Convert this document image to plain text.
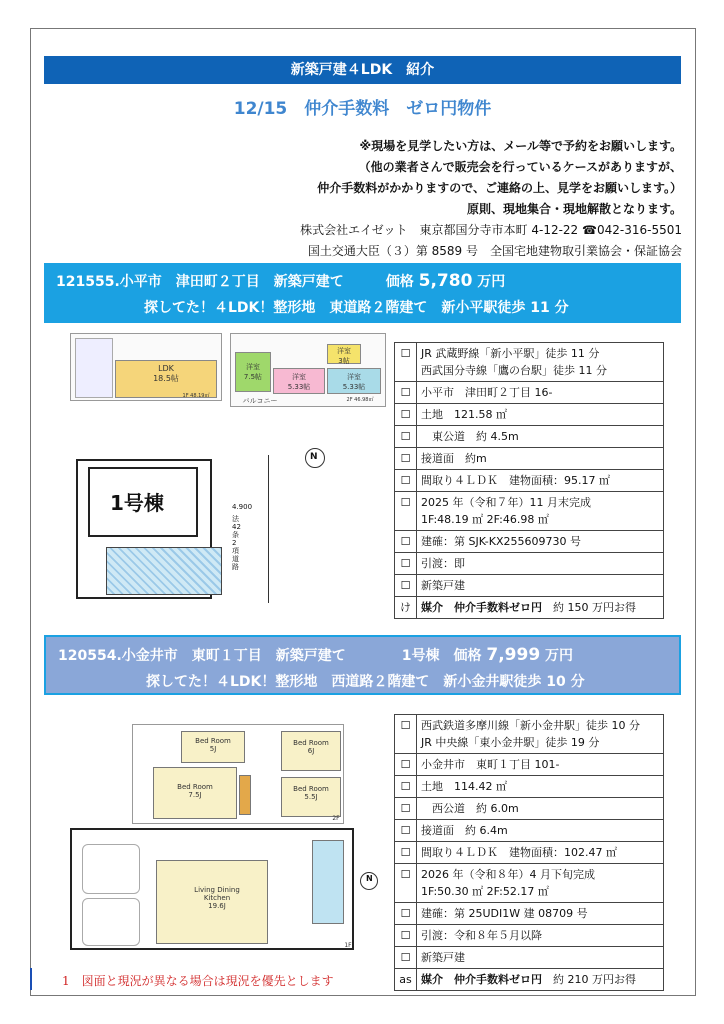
新築戸建４LDK　紹介
12/15　仲介手数料　ゼロ円物件
※現場を見学したい方は、メール等で予約をお願いします。
（他の業者さんで販売会を行っているケースがありますが、
仲介手数料がかかりますので、ご連絡の上、見学をお願いします。）
原則、現地集合・現地解散となります。
株式会社エイゼット　東京都国分寺市本町 4-12-22 ☎042-316-5501
国土交通大臣（３）第 8589 号　全国宅地建物取引業協会・保証協会
121555.小平市　津田町２丁目　新築戸建て　　　価格 5,780 万円
探してた！４LDK！整形地　東道路２階建て　新小平駅徒歩 11 分
LDK
18.5帖
1F 48.19㎡
洋室
7.5帖	洋室
5.33帖
洋室
3帖
洋室
5.33帖
バルコニー	2F 46.98㎡
1号棟	4.900
法42条2項道路
N
☐	JR 武蔵野線「新小平駅」徒歩 11 分
西武国分寺線「鷹の台駅」徒歩 11 分
☐	小平市　津田町２丁目 16-
☐	土地　121.58 ㎡
☐	　東公道　約 4.5m
☐	接道面　約m
☐	間取り４ＬＤＫ　建物面積：95.17 ㎡
☐	2025 年（令和７年）11 月末完成
1F:48.19 ㎡ 2F:46.98 ㎡
☐	建確：第 SJK-KX255609730 号
☐	引渡：即
☐	新築戸建
け	媒介　仲介手数料ゼロ円　約 150 万円お得
120554.小金井市　東町１丁目　新築戸建て　　　　1号棟　価格 7,999 万円
探してた！４LDK！整形地　西道路２階建て　新小金井駅徒歩 10 分
Bed Room
5J
Bed Room
6J
Bed Room
7.5J
Bed Room
5.5J
2F
Living Dining Kitchen
19.6J
1F
N
☐	西武鉄道多摩川線「新小金井駅」徒歩 10 分
JR 中央線「東小金井駅」徒歩 19 分
☐	小金井市　東町１丁目 101-
☐	土地　114.42 ㎡
☐	　西公道　約 6.0m
☐	接道面　約 6.4m
☐	間取り４ＬＤＫ　建物面積：102.47 ㎡
☐	2026 年（令和８年）4 月下旬完成
1F:50.30 ㎡ 2F:52.17 ㎡
☐	建確：第 25UDI1W 建 08709 号
☐	引渡：令和８年５月以降
☐	新築戸建
as	媒介　仲介手数料ゼロ円　約 210 万円お得
1　図面と現況が異なる場合は現況を優先とします
